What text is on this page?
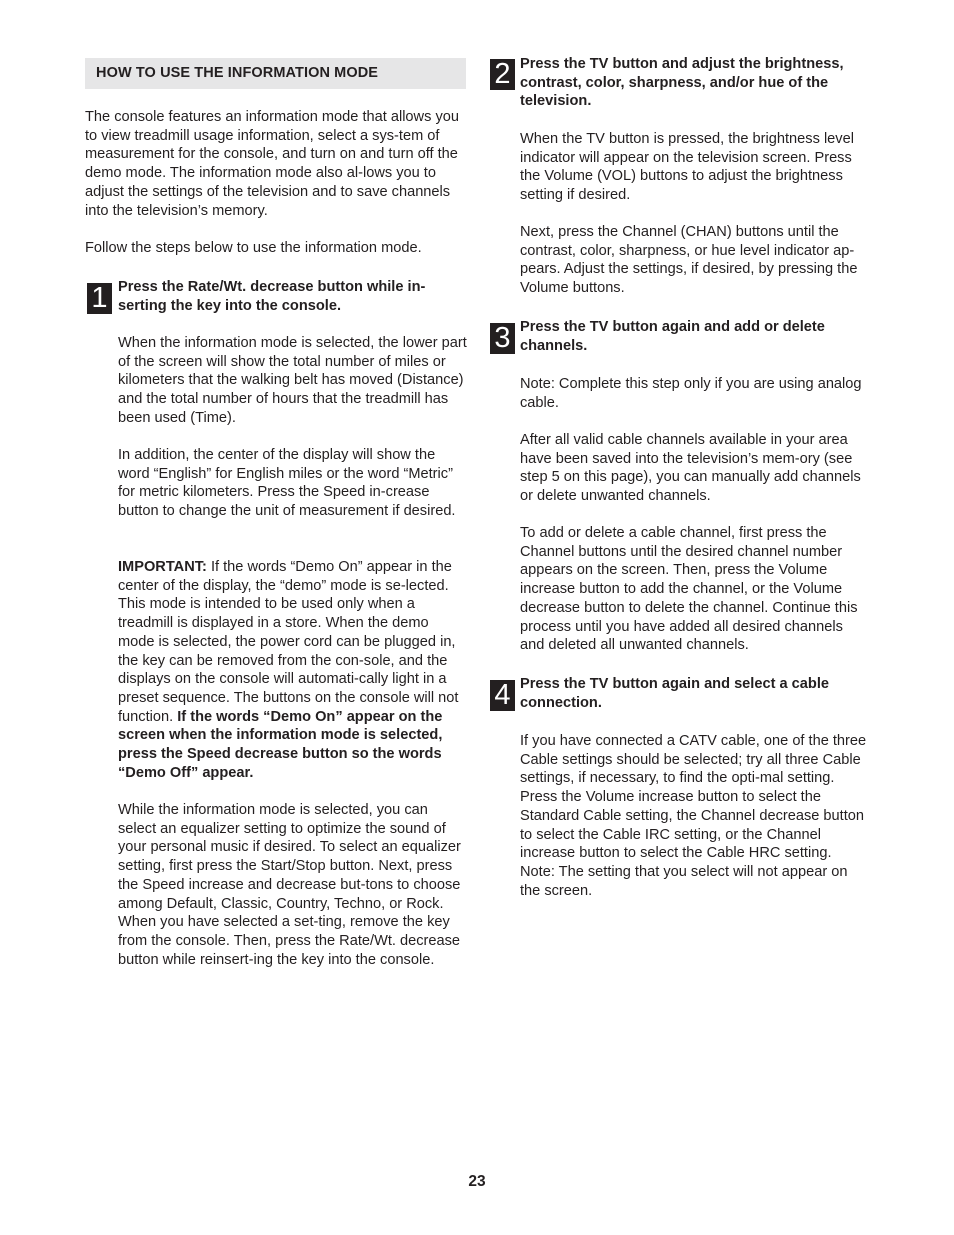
HOW TO USE THE INFORMATION MODE

The console features an information mode that allows you to view treadmill usage information, select a sys-tem of measurement for the console, and turn on and turn off the demo mode. The information mode also al-lows you to adjust the settings of the television and to save channels into the television’s memory.

Follow the steps below to use the information mode.

1 Press the Rate/Wt. decrease button while in-serting the key into the console.

When the information mode is selected, the lower part of the screen will show the total number of miles or kilometers that the walking belt has moved (Distance) and the total number of hours that the treadmill has been used (Time).

In addition, the center of the display will show the word “English” for English miles or the word “Metric” for metric kilometers. Press the Speed in-crease button to change the unit of measurement if desired.

IMPORTANT: If the words “Demo On” appear in the center of the display, the “demo” mode is se-lected. This mode is intended to be used only when a treadmill is displayed in a store. When the demo mode is selected, the power cord can be plugged in, the key can be removed from the con-sole, and the displays on the console will automati-cally light in a preset sequence. The buttons on the console will not function. If the words “Demo On” appear on the screen when the information mode is selected, press the Speed decrease button so the words “Demo Off” appear.

While the information mode is selected, you can select an equalizer setting to optimize the sound of your personal music if desired. To select an equalizer setting, first press the Start/Stop button. Next, press the Speed increase and decrease but-tons to choose among Default, Classic, Country, Techno, or Rock. When you have selected a set-ting, remove the key from the console. Then, press the Rate/Wt. decrease button while reinsert-ing the key into the console.

2 Press the TV button and adjust the brightness, contrast, color, sharpness, and/or hue of the television.

When the TV button is pressed, the brightness level indicator will appear on the television screen. Press the Volume (VOL) buttons to adjust the brightness setting if desired.

Next, press the Channel (CHAN) buttons until the contrast, color, sharpness, or hue level indicator ap-pears. Adjust the settings, if desired, by pressing the Volume buttons.

3 Press the TV button again and add or delete channels.

Note: Complete this step only if you are using analog cable.

After all valid cable channels available in your area have been saved into the television’s mem-ory (see step 5 on this page), you can manually add channels or delete unwanted channels.

To add or delete a cable channel, first press the Channel buttons until the desired channel number appears on the screen. Then, press the Volume increase button to add the channel, or the Volume decrease button to delete the channel. Continue this process until you have added all desired channels and deleted all unwanted channels.

4 Press the TV button again and select a cable connection.

If you have connected a CATV cable, one of the three Cable settings should be selected; try all three Cable settings, if necessary, to find the opti-mal setting. Press the Volume increase button to select the Standard Cable setting, the Channel decrease button to select the Cable IRC setting, or the Channel increase button to select the Cable HRC setting. Note: The setting that you select will not appear on the screen.

23
